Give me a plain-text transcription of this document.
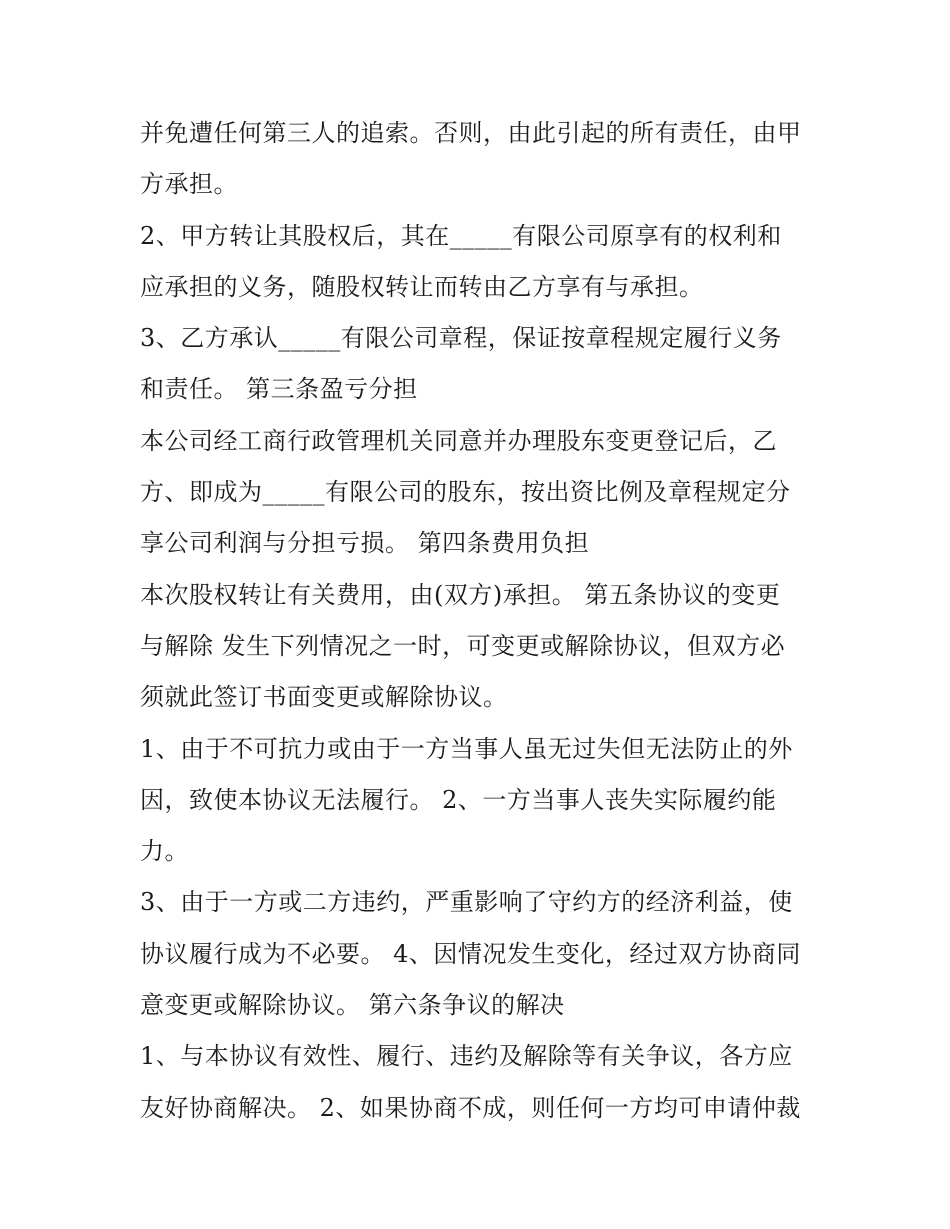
并免遭任何第三人的追索。否则，由此引起的所有责任，由甲
方承担。
2、甲方转让其股权后，其在_____有限公司原享有的权利和
应承担的义务，随股权转让而转由乙方享有与承担。
3、乙方承认_____有限公司章程，保证按章程规定履行义务
和责任。 第三条盈亏分担
本公司经工商行政管理机关同意并办理股东变更登记后，乙
方、即成为_____有限公司的股东，按出资比例及章程规定分
享公司利润与分担亏损。 第四条费用负担
本次股权转让有关费用，由(双方)承担。 第五条协议的变更
与解除 发生下列情况之一时，可变更或解除协议，但双方必
须就此签订书面变更或解除协议。
1、由于不可抗力或由于一方当事人虽无过失但无法防止的外
因，致使本协议无法履行。 2、一方当事人丧失实际履约能
力。
3、由于一方或二方违约，严重影响了守约方的经济利益，使
协议履行成为不必要。 4、因情况发生变化，经过双方协商同
意变更或解除协议。 第六条争议的解决
1、与本协议有效性、履行、违约及解除等有关争议，各方应
友好协商解决。 2、如果协商不成，则任何一方均可申请仲裁
